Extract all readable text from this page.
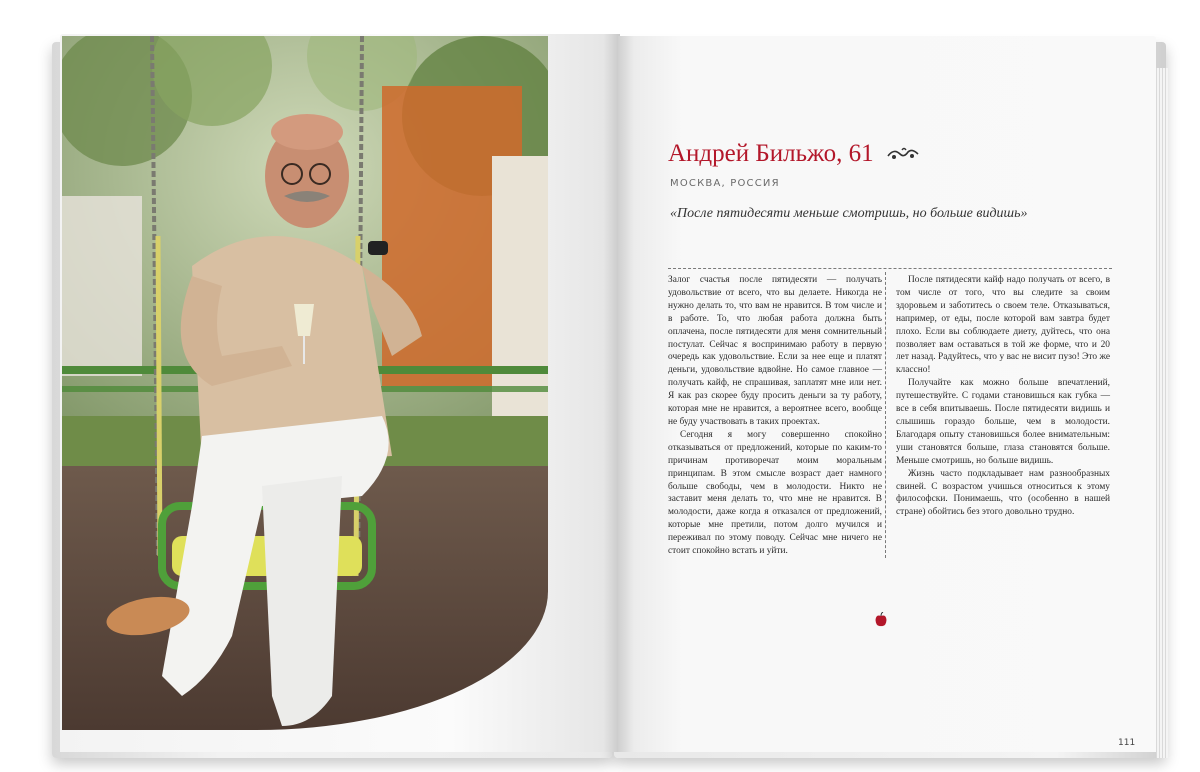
Андрей Бильжо, 61
МОСКВА, РОССИЯ
«После пятидесяти меньше смотришь, но больше видишь»

Залог счастья после пятидесяти — получать удовольствие от всего, что вы делаете. Никогда не нужно делать то, что вам не нравится. В том числе и в работе. То, что любая работа должна быть оплачена, после пятидесяти для меня сомнительный постулат. Сейчас я воспринимаю работу в первую очередь как удовольствие. Если за нее еще и платят деньги, удовольствие вдвойне. Но самое главное — получать кайф, не спрашивая, заплатят мне или нет. Я как раз скорее буду просить деньги за ту работу, которая мне не нравится, а вероятнее всего, вообще не буду участвовать в таких проектах.

Сегодня я могу совершенно спокойно отказываться от предложений, которые по каким-то причинам противоречат моим моральным принципам. В этом смысле возраст дает намного больше свободы, чем в молодости. Никто не заставит меня делать то, что мне не нравится. В молодости, даже когда я отказался от предложений, которые мне претили, потом долго мучился и переживал по этому поводу. Сейчас мне ничего не стоит спокойно встать и уйти.

После пятидесяти кайф надо получать от всего, в том числе от того, что вы следите за своим здоровьем и заботитесь о своем теле. Отказываться, например, от еды, после которой вам завтра будет плохо. Если вы соблюдаете диету, дуйтесь, что она позволяет вам оставаться в той же форме, что и 20 лет назад. Радуйтесь, что у вас не висит пузо! Это же классно!

Получайте как можно больше впечатлений, путешествуйте. С годами становишься как губка — все в себя впитываешь. После пятидесяти видишь и слышишь гораздо больше, чем в молодости. Благодаря опыту становишься более внимательным: уши становятся больше, глаза становятся больше. Меньше смотришь, но больше видишь.

Жизнь часто подкладывает нам разнообразных свиней. С возрастом учишься относиться к этому философски. Понимаешь, что (особенно в нашей стране) обойтись без этого довольно трудно.

111
